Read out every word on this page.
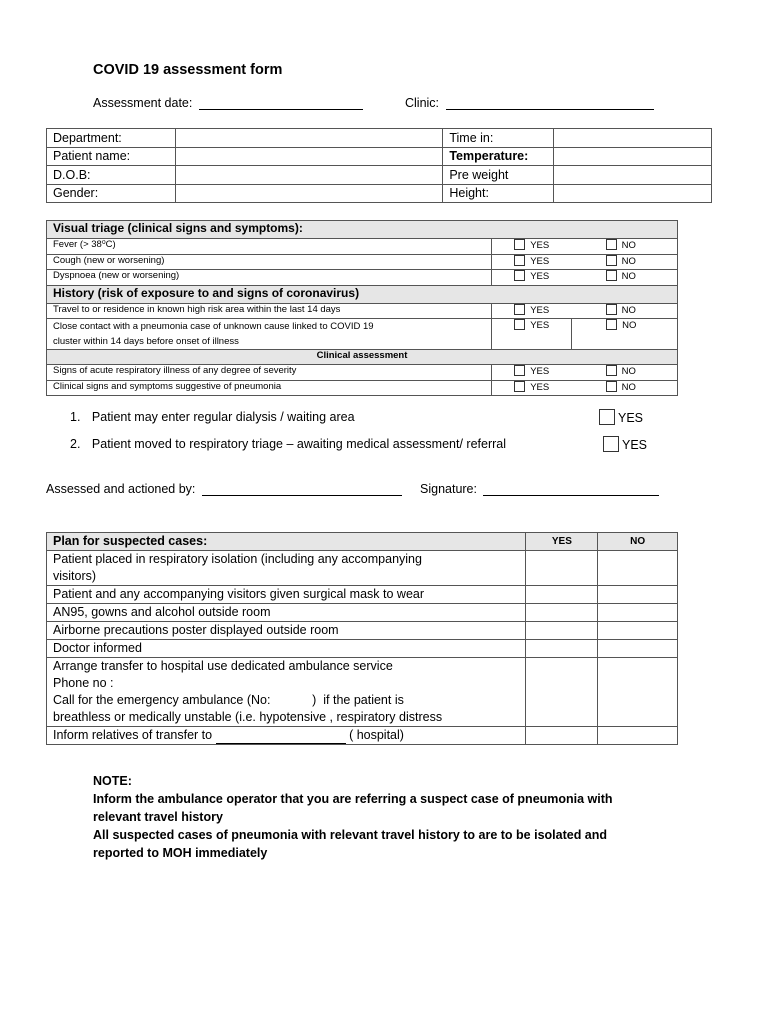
COVID 19 assessment form
Assessment date:	Clinic:
Department:		Time in:	
Patient name:		Temperature:	
D.O.B:		Pre weight	
Gender:		Height:	
Visual triage (clinical signs and symptoms):		
Fever (> 38⁰C)	YES	NO
Cough (new or worsening)	YES	NO
Dyspnoea (new or worsening)	YES	NO
History (risk of exposure to and signs of coronavirus)		
Travel to or residence in known high risk area within the last 14 days	YES	NO
Close contact with a pneumonia case of unknown cause linked to COVID 19
cluster within 14 days before onset of illness	YES	NO
Clinical assessment		
Signs of acute respiratory illness of any degree of severity	YES	NO
Clinical signs and symptoms suggestive of pneumonia	YES	NO
1. Patient may enter regular dialysis / waiting area	YES
2. Patient moved to respiratory triage – awaiting medical assessment/ referral	YES
Assessed and actioned by:	Signature:
Plan for suspected cases:	YES	NO
Patient placed in respiratory isolation (including any accompanying
visitors)		
Patient and any accompanying visitors given surgical mask to wear		
AN95, gowns and alcohol outside room		
Airborne precautions poster displayed outside room		
Doctor informed		
Arrange transfer to hospital use dedicated ambulance service
Phone no :
Call for the emergency ambulance (No:            )  if the patient is
breathless or medically unstable (i.e. hypotensive , respiratory distress		
Inform relatives of transfer to ( hospital)		
NOTE:
Inform the ambulance operator that you are referring a suspect case of pneumonia with
relevant travel history
All suspected cases of pneumonia with relevant travel history to are to be isolated and
reported to MOH immediately
